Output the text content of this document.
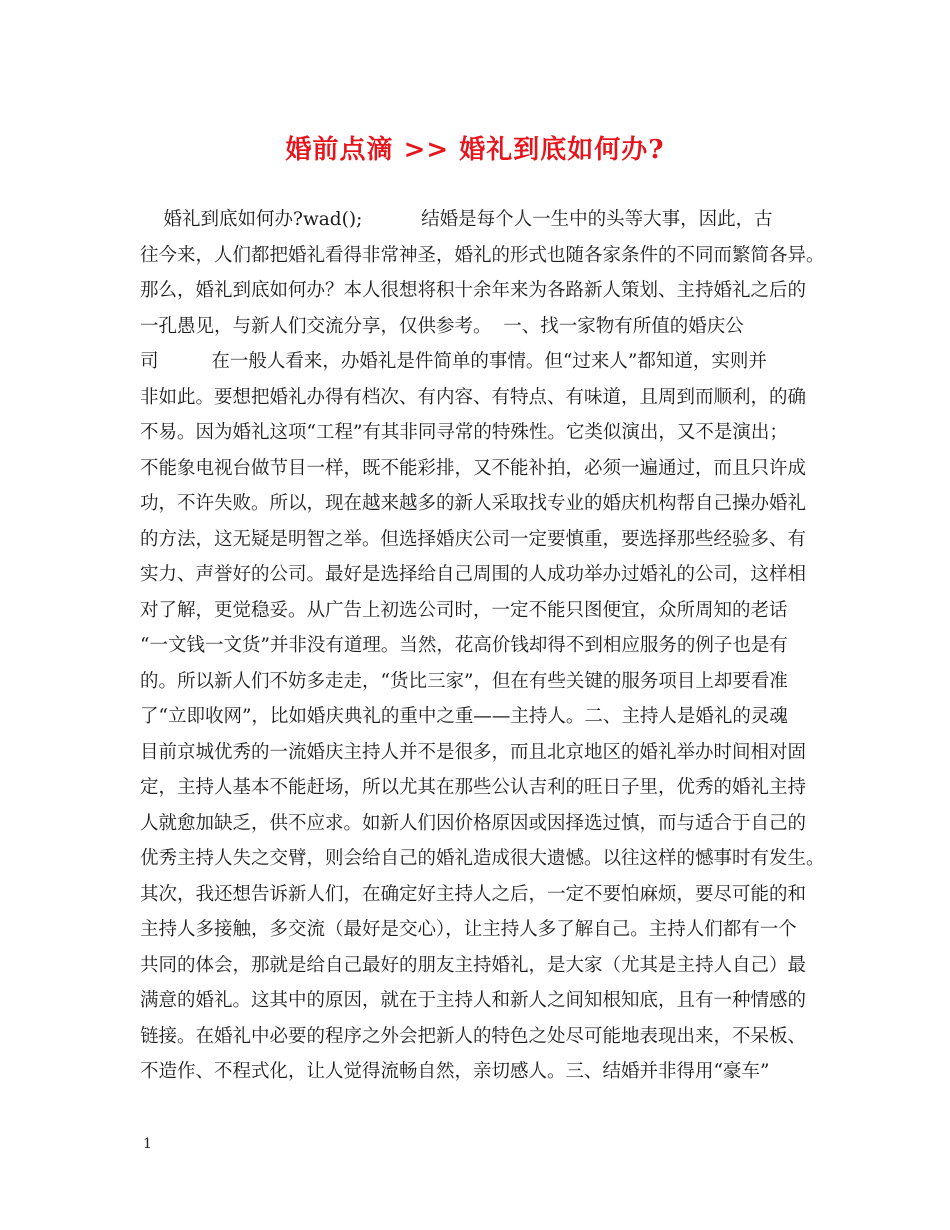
婚前点滴 >> 婚礼到底如何办?
婚礼到底如何办?wad();          结婚是每个人一生中的头等大事，因此，古
往今来，人们都把婚礼看得非常神圣，婚礼的形式也随各家条件的不同而繁简各异。
那么，婚礼到底如何办？本人很想将积十余年来为各路新人策划、主持婚礼之后的
一孔愚见，与新人们交流分享，仅供参考。  一、找一家物有所值的婚庆公
司         在一般人看来，办婚礼是件简单的事情。但“过来人”都知道，实则并
非如此。要想把婚礼办得有档次、有内容、有特点、有味道，且周到而顺利，的确
不易。因为婚礼这项“工程”有其非同寻常的特殊性。它类似演出，又不是演出；
不能象电视台做节目一样，既不能彩排，又不能补拍，必须一遍通过，而且只许成
功，不许失败。所以，现在越来越多的新人采取找专业的婚庆机构帮自己操办婚礼
的方法，这无疑是明智之举。但选择婚庆公司一定要慎重，要选择那些经验多、有
实力、声誉好的公司。最好是选择给自己周围的人成功举办过婚礼的公司，这样相
对了解，更觉稳妥。从广告上初选公司时，一定不能只图便宜，众所周知的老话
“一文钱一文货”并非没有道理。当然，花高价钱却得不到相应服务的例子也是有
的。所以新人们不妨多走走，“货比三家”，但在有些关键的服务项目上却要看准
了“立即收网”，比如婚庆典礼的重中之重——主持人。二、主持人是婚礼的灵魂
目前京城优秀的一流婚庆主持人并不是很多，而且北京地区的婚礼举办时间相对固
定，主持人基本不能赶场，所以尤其在那些公认吉利的旺日子里，优秀的婚礼主持
人就愈加缺乏，供不应求。如新人们因价格原因或因择选过慎，而与适合于自己的
优秀主持人失之交臂，则会给自己的婚礼造成很大遗憾。以往这样的憾事时有发生。
其次，我还想告诉新人们，在确定好主持人之后，一定不要怕麻烦，要尽可能的和
主持人多接触，多交流（最好是交心），让主持人多了解自己。主持人们都有一个
共同的体会，那就是给自己最好的朋友主持婚礼，是大家（尤其是主持人自己）最
满意的婚礼。这其中的原因，就在于主持人和新人之间知根知底，且有一种情感的
链接。在婚礼中必要的程序之外会把新人的特色之处尽可能地表现出来，不呆板、
不造作、不程式化，让人觉得流畅自然，亲切感人。三、结婚并非得用“豪车”
1
